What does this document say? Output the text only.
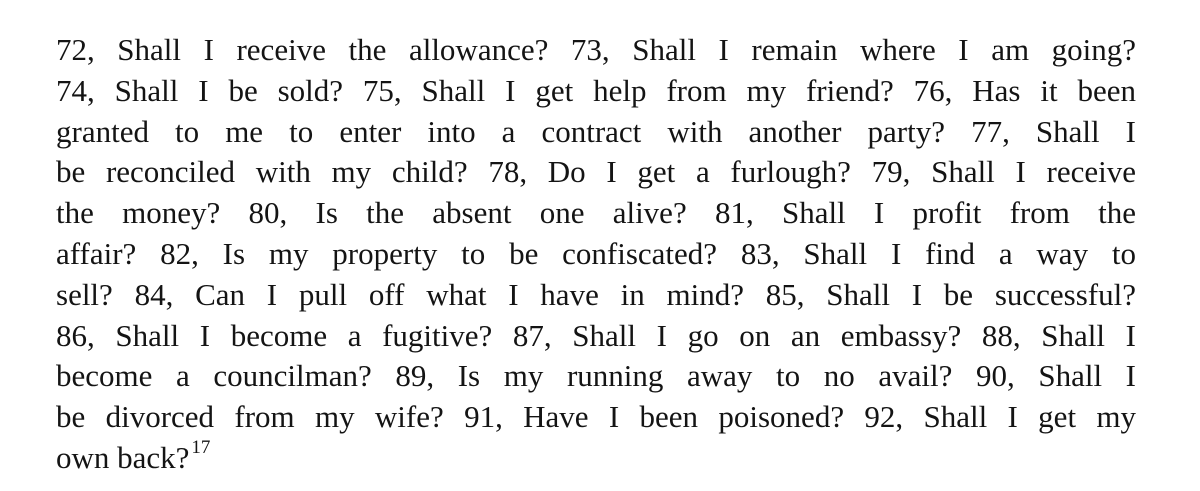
72, Shall I receive the allowance? 73, Shall I remain where I am going?
74, Shall I be sold? 75, Shall I get help from my friend? 76, Has it been
granted to me to enter into a contract with another party? 77, Shall I
be reconciled with my child? 78, Do I get a furlough? 79, Shall I receive
the money? 80, Is the absent one alive? 81, Shall I profit from the
affair? 82, Is my property to be confiscated? 83, Shall I find a way to
sell? 84, Can I pull off what I have in mind? 85, Shall I be successful?
86, Shall I become a fugitive? 87, Shall I go on an embassy? 88, Shall I
become a councilman? 89, Is my running away to no avail? 90, Shall I
be divorced from my wife? 91, Have I been poisoned? 92, Shall I get my
own back? $^{17}$
